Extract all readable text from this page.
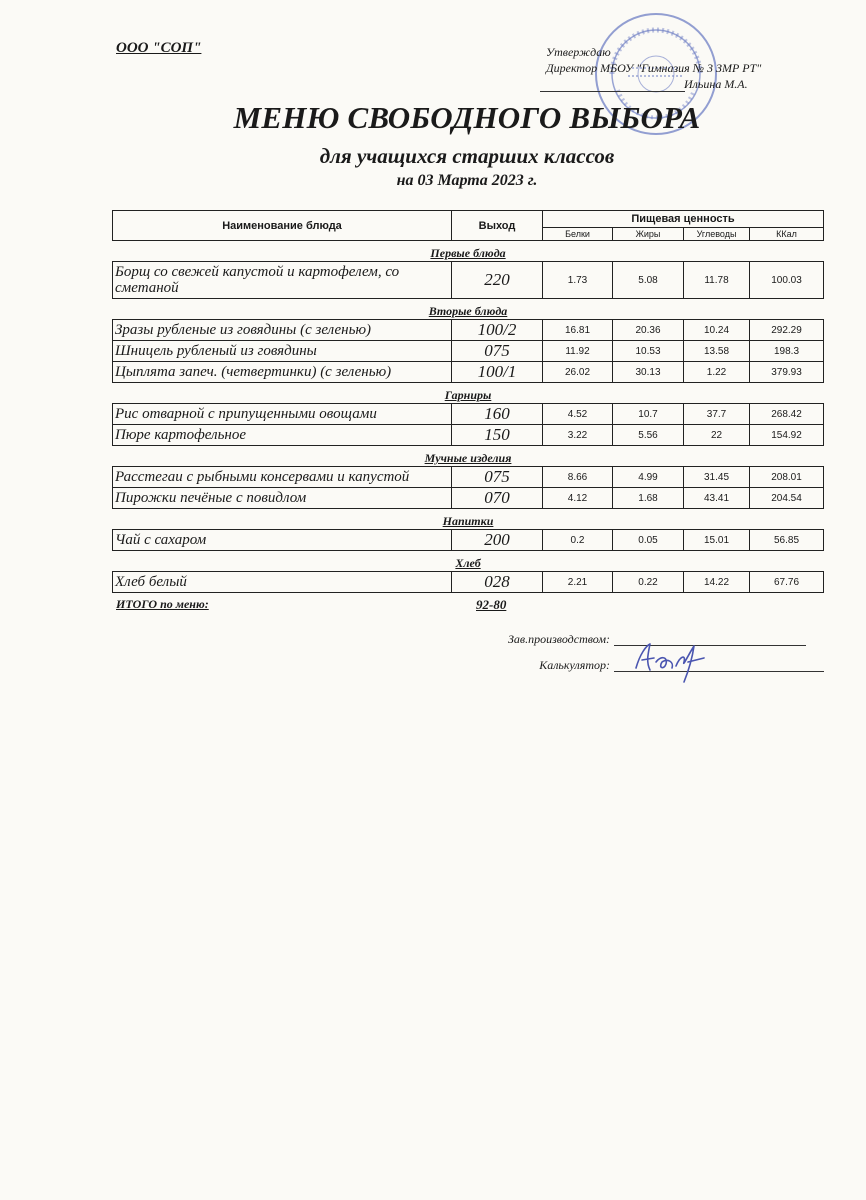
ООО "СОП"	Утверждаю
Директор МБОУ "Гимназия № 3 ЗМР РТ"
Ильина М.А.
МЕНЮ СВОБОДНОГО ВЫБОРА
для учащихся старших классов
на 03 Марта 2023 г.
Наименование блюда	Выход	Пищевая ценность			
		Белки	Жиры	Углеводы	ККал
Первые блюда					
Борщ со свежей капустой и картофелем, со сметаной	220	1.73	5.08	11.78	100.03
Вторые блюда					
Зразы рубленые из говядины (с зеленью)	100/2	16.81	20.36	10.24	292.29
Шницель рубленый из говядины	075	11.92	10.53	13.58	198.3
Цыплята запеч. (четвертинки) (с зеленью)	100/1	26.02	30.13	1.22	379.93
Гарниры					
Рис отварной с припущенными овощами	160	4.52	10.7	37.7	268.42
Пюре картофельное	150	3.22	5.56	22	154.92
Мучные изделия					
Расстегаи с рыбными консервами и капустой	075	8.66	4.99	31.45	208.01
Пирожки печёные с повидлом	070	4.12	1.68	43.41	204.54
Напитки					
Чай с сахаром	200	0.2	0.05	15.01	56.85
Хлеб					
Хлеб белый	028	2.21	0.22	14.22	67.76
ИТОГО по меню:	92-80
Зав.производством:
Калькулятор:
